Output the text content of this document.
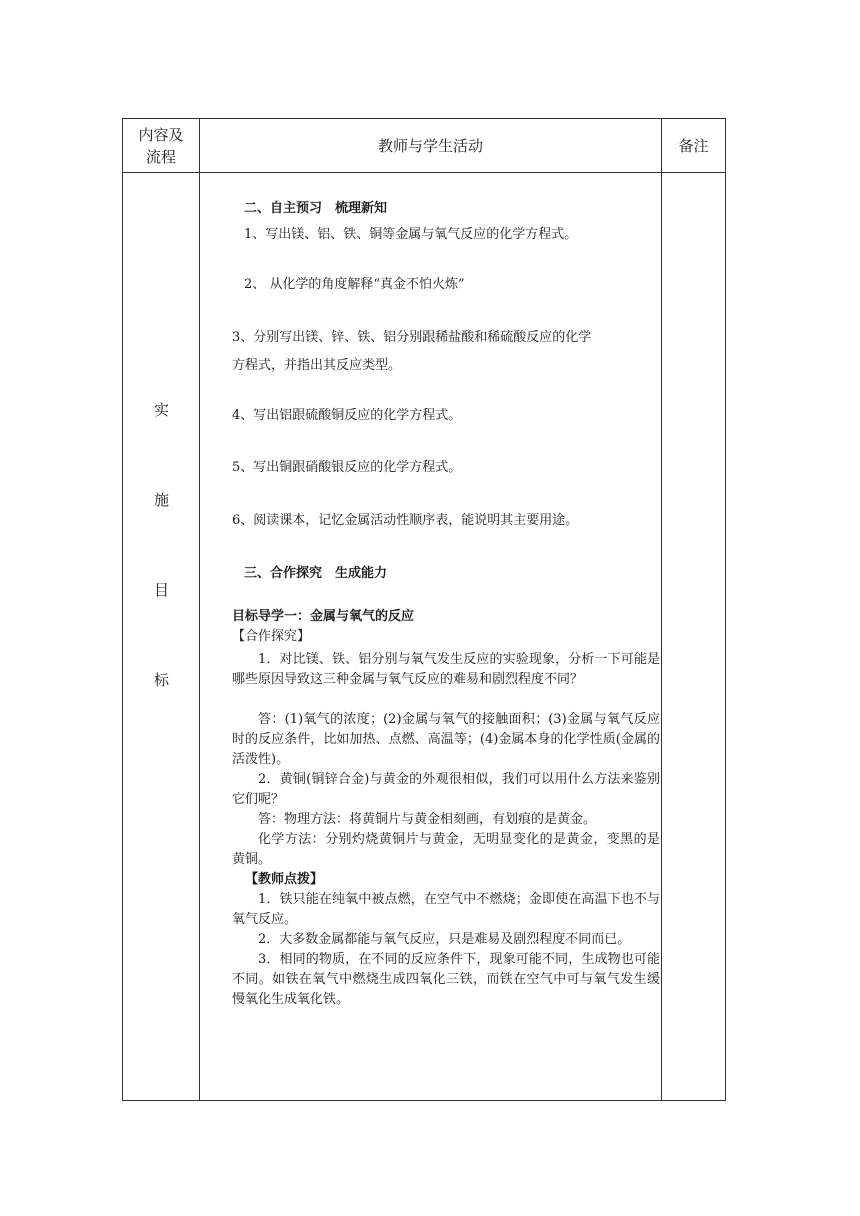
内容及
流程
教师与学生活动	备注
实
施
目
标
二、自主预习　梳理新知
1、写出镁、铝、铁、铜等金属与氧气反应的化学方程式。
2、 从化学的角度解释“真金不怕火炼”
3、分别写出镁、锌、铁、铝分别跟稀盐酸和稀硫酸反应的化学
方程式，并指出其反应类型。
4、写出铝跟硫酸铜反应的化学方程式。
5、写出铜跟硝酸银反应的化学方程式。
6、阅读课本，记忆金属活动性顺序表，能说明其主要用途。
三、合作探究　生成能力
目标导学一：金属与氧气的反应
【合作探究】
1．对比镁、铁、铝分别与氧气发生反应的实验现象，分析一下可能是哪些原因导致这三种金属与氧气反应的难易和剧烈程度不同？
答：(1)氧气的浓度；(2)金属与氧气的接触面积；(3)金属与氧气反应时的反应条件，比如加热、点燃、高温等；(4)金属本身的化学性质(金属的活泼性)。
2．黄铜(铜锌合金)与黄金的外观很相似，我们可以用什么方法来鉴别它们呢？
答：物理方法：将黄铜片与黄金相刻画，有划痕的是黄金。
化学方法：分别灼烧黄铜片与黄金，无明显变化的是黄金，变黑的是黄铜。
【教师点拨】
1．铁只能在纯氧中被点燃，在空气中不燃烧；金即使在高温下也不与氧气反应。
2．大多数金属都能与氧气反应，只是难易及剧烈程度不同而已。
3．相同的物质，在不同的反应条件下，现象可能不同，生成物也可能不同。如铁在氧气中燃烧生成四氧化三铁，而铁在空气中可与氧气发生缓慢氧化生成氧化铁。
